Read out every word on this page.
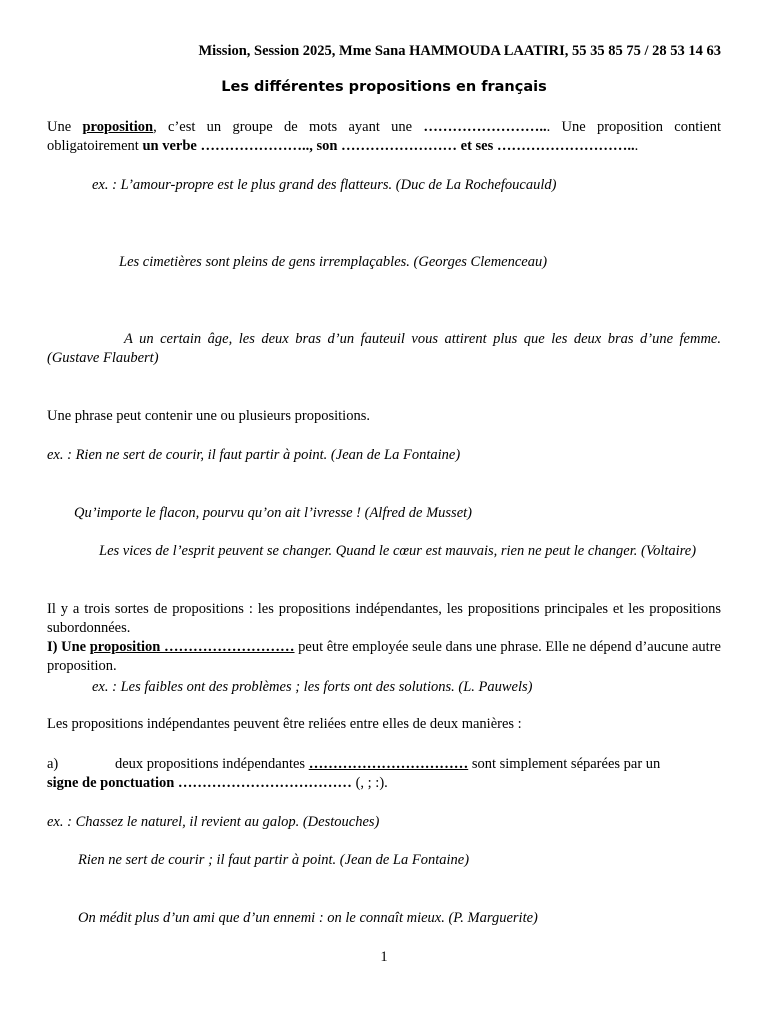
Mission, Session 2025, Mme Sana HAMMOUDA LAATIRI, 55 35 85 75 / 28 53 14 63
Les différentes propositions en français
Une proposition, c’est un groupe de mots ayant une ……………………... Une proposition contient obligatoirement un verbe ………………….., son …………………… et ses ………………………...
ex. : L’amour-propre est le plus grand des flatteurs. (Duc de La Rochefoucauld)
Les cimetières sont pleins de gens irremplaçables. (Georges Clemenceau)
A un certain âge, les deux bras d’un fauteuil vous attirent plus que les deux bras d’une femme. (Gustave Flaubert)
Une phrase peut contenir une ou plusieurs propositions.
ex. : Rien ne sert de courir, il faut partir à point. (Jean de La Fontaine)
Qu’importe le flacon, pourvu qu’on ait l’ivresse ! (Alfred de Musset)
Les vices de l’esprit peuvent se changer. Quand le cœur est mauvais, rien ne peut le changer. (Voltaire)
Il y a trois sortes de propositions : les propositions indépendantes, les propositions principales et les propositions subordonnées.
I) Une proposition ……………………… peut être employée seule dans une phrase. Elle ne dépend d’aucune autre proposition.
ex. : Les faibles ont des problèmes ; les forts ont des solutions. (L. Pauwels)
Les propositions indépendantes peuvent être reliées entre elles de deux manières :
deux propositions indépendantes …………………………… sont simplement séparées par un
a)
signe de ponctuation ……………………………… (, ; :).
ex. : Chassez le naturel, il revient au galop. (Destouches)
Rien ne sert de courir ; il faut partir à point. (Jean de La Fontaine)
On médit plus d’un ami que d’un ennemi : on le connaît mieux. (P. Marguerite)
1
